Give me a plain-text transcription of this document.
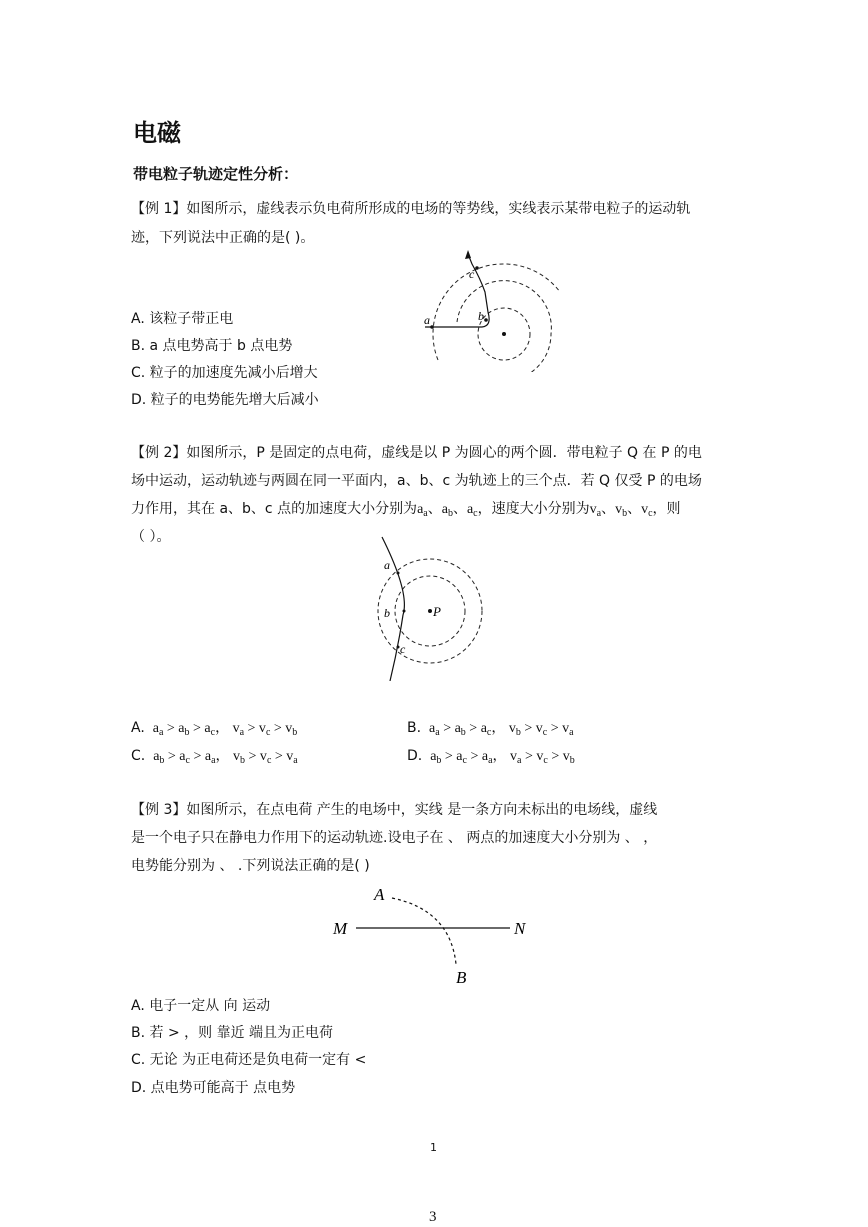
电磁
带电粒子轨迹定性分析：
【例 1】如图所示，虚线表示负电荷所形成的电场的等势线，实线表示某带电粒子的运动轨
迹，下列说法中正确的是( )。
a	b
c
A. 该粒子带正电
B. a 点电势高于 b 点电势
C. 粒子的加速度先减小后增大
D. 粒子的电势能先增大后减小
【例 2】如图所示，P 是固定的点电荷，虚线是以 P 为圆心的两个圆．带电粒子 Q 在 P 的电
场中运动，运动轨迹与两圆在同一平面内，a、b、c 为轨迹上的三个点．若 Q 仅受 P 的电场
力作用，其在 a、b、c 点的加速度大小分别为$a_a$、$a_b$、$a_c$，速度大小分别为$v_a$、$v_b$、$v_c$，则
（ ）。
a
b
c
P
A.  $a_a > a_b > a_c$， $v_a > v_c > v_b$	B.  $a_a > a_b > a_c$， $v_b > v_c > v_a$
C.  $a_b > a_c > a_a$， $v_b > v_c > v_a$	D.  $a_b > a_c > a_a$， $v_a > v_c > v_b$
【例 3】如图所示，在点电荷 产生的电场中，实线 是一条方向未标出的电场线，虚线
是一个电子只在静电力作用下的运动轨迹.设电子在 、 两点的加速度大小分别为 、 ，
电势能分别为 、 .下列说法正确的是( )
A
B
M	N
A. 电子一定从 向 运动
B. 若 > ，则 靠近 端且为正电荷
C. 无论 为正电荷还是负电荷一定有 <
D. 点电势可能高于 点电势
1
3
